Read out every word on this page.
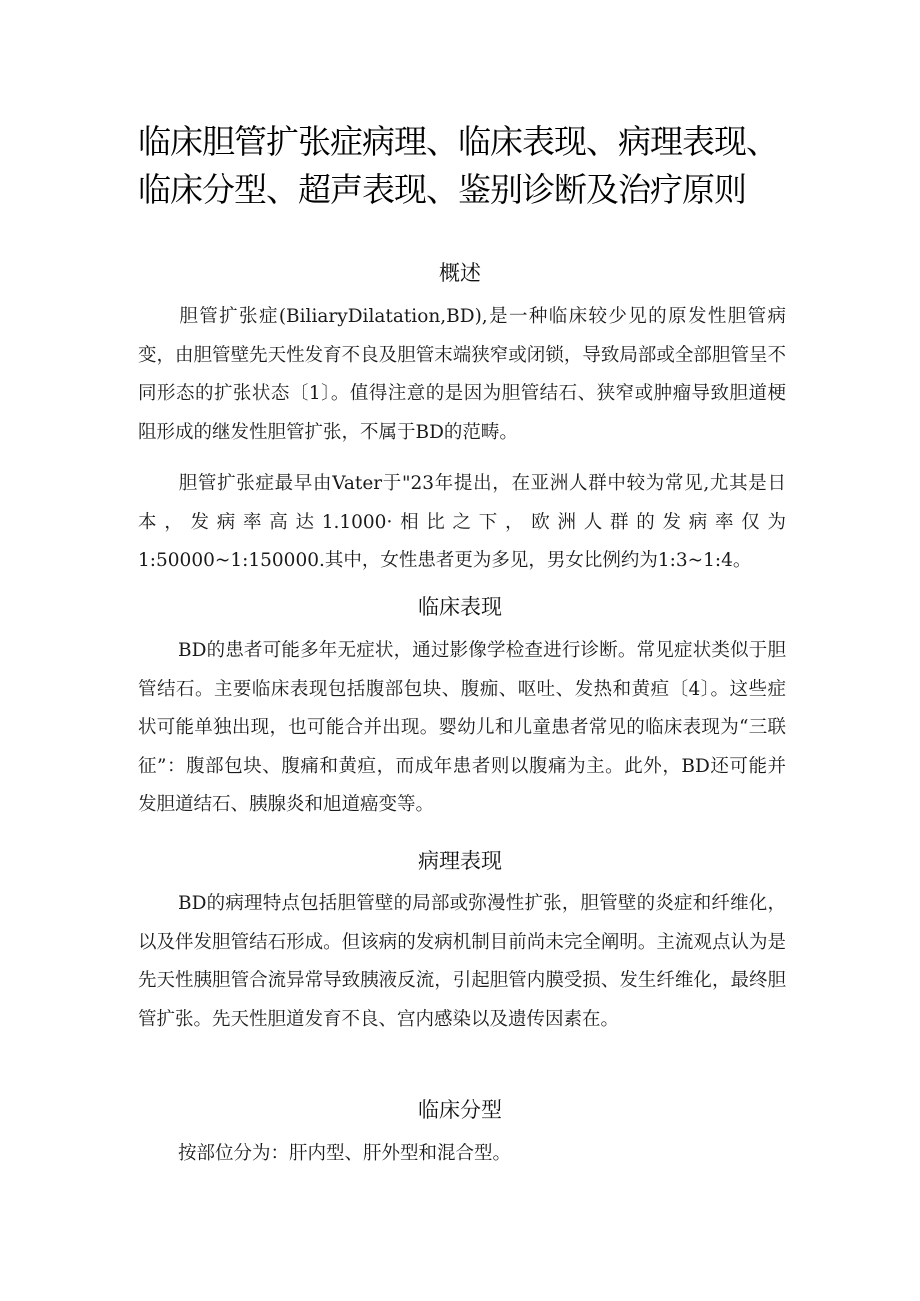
临床胆管扩张症病理、临床表现、病理表现、临床分型、超声表现、鉴别诊断及治疗原则
概述

胆管扩张症(BiliaryDilatation,BD),是一种临床较少见的原发性胆管病变，由胆管壁先天性发育不良及胆管末端狭窄或闭锁，导致局部或全部胆管呈不同形态的扩张状态〔1〕。值得注意的是因为胆管结石、狭窄或肿瘤导致胆道梗阻形成的继发性胆管扩张，不属于BD的范畴。

胆管扩张症最早由Vater于"23年提出，在亚洲人群中较为常见,尤其是日本，发病率高达1.1000·相比之下，欧洲人群的发病率仅为1:50000~1:150000.其中，女性患者更为多见，男女比例约为1:3~1:4。

临床表现

BD的患者可能多年无症状，通过影像学检查进行诊断。常见症状类似于胆管结石。主要临床表现包括腹部包块、腹痂、呕吐、发热和黄疸〔4〕。这些症状可能单独出现，也可能合并出现。婴幼儿和儿童患者常见的临床表现为“三联征”：腹部包块、腹痛和黄疸，而成年患者则以腹痛为主。此外，BD还可能并发胆道结石、胰腺炎和旭道癌变等。

病理表现

BD的病理特点包括胆管壁的局部或弥漫性扩张，胆管壁的炎症和纤维化，以及伴发胆管结石形成。但该病的发病机制目前尚未完全阐明。主流观点认为是先天性胰胆管合流异常导致胰液反流，引起胆管内膜受损、发生纤维化，最终胆管扩张。先天性胆道发育不良、宫内感染以及遗传因素在。

临床分型

按部位分为：肝内型、肝外型和混合型。
